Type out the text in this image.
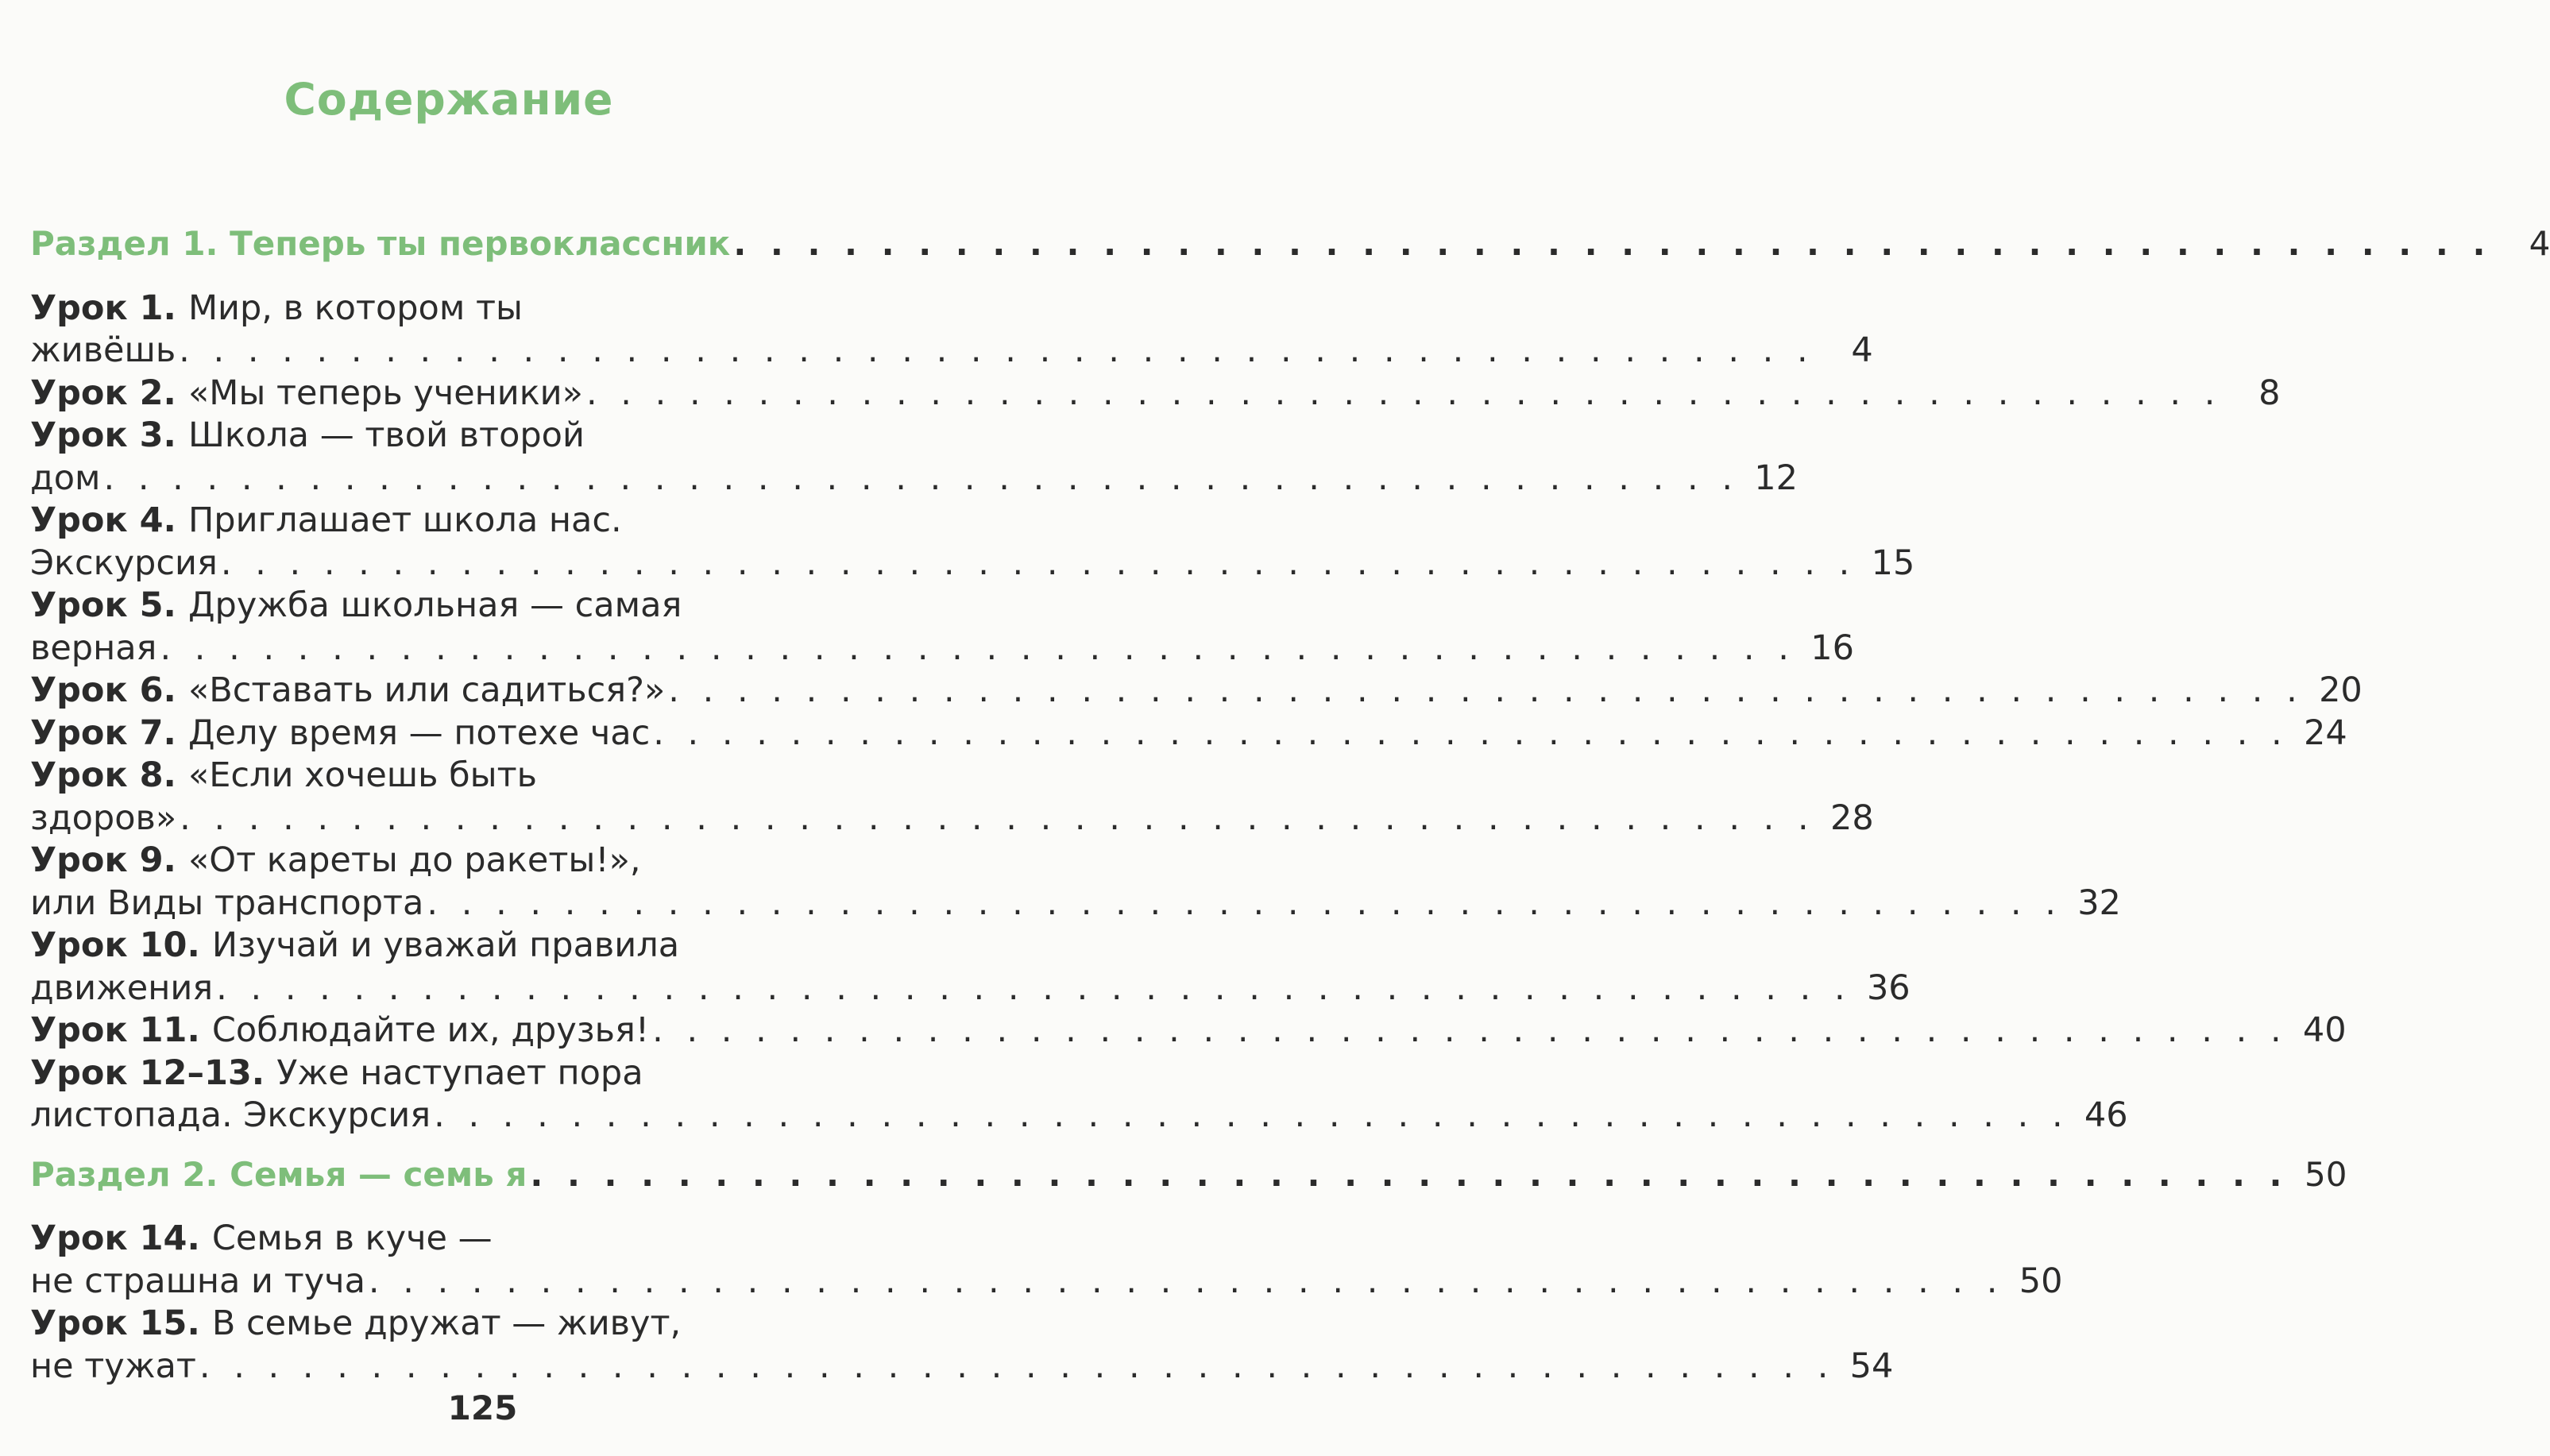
Содержание
Раздел 1. Теперь ты первоклассник . . . . . . . . . . . . . . . . . . . . . . . . . . . . . . . . . . . . . . . . . . . . . . . .	4
Урок 1. Мир, в котором ты
живёшь . . . . . . . . . . . . . . . . . . . . . . . . . . . . . . . . . . . . . . . . . . . . . . . .	4
Урок 2. «Мы теперь ученики» . . . . . . . . . . . . . . . . . . . . . . . . . . . . . . . . . . . . . . . . . . . . . . . .	8
Урок 3. Школа — твой второй
дом . . . . . . . . . . . . . . . . . . . . . . . . . . . . . . . . . . . . . . . . . . . . . . . . 12
Урок 4. Приглашает школа нас.
Экскурсия . . . . . . . . . . . . . . . . . . . . . . . . . . . . . . . . . . . . . . . . . . . . . . . . 15
Урок 5. Дружба школьная — самая
верная . . . . . . . . . . . . . . . . . . . . . . . . . . . . . . . . . . . . . . . . . . . . . . . . 16
Урок 6. «Вставать или садиться?» . . . . . . . . . . . . . . . . . . . . . . . . . . . . . . . . . . . . . . . . . . . . . . . . 20
Урок 7. Делу время — потехе час . . . . . . . . . . . . . . . . . . . . . . . . . . . . . . . . . . . . . . . . . . . . . . . . 24
Урок 8. «Если хочешь быть
здоров» . . . . . . . . . . . . . . . . . . . . . . . . . . . . . . . . . . . . . . . . . . . . . . . . 28
Урок 9. «От кареты до ракеты!»,
или Виды транспорта . . . . . . . . . . . . . . . . . . . . . . . . . . . . . . . . . . . . . . . . . . . . . . . . 32
Урок 10. Изучай и уважай правила
движения . . . . . . . . . . . . . . . . . . . . . . . . . . . . . . . . . . . . . . . . . . . . . . . . 36
Урок 11. Соблюдайте их, друзья! . . . . . . . . . . . . . . . . . . . . . . . . . . . . . . . . . . . . . . . . . . . . . . . . 40
Урок 12–13. Уже наступает пора
листопада. Экскурсия . . . . . . . . . . . . . . . . . . . . . . . . . . . . . . . . . . . . . . . . . . . . . . . . 46
Раздел 2. Семья — семь я . . . . . . . . . . . . . . . . . . . . . . . . . . . . . . . . . . . . . . . . . . . . . . . . 50
Урок 14. Семья в куче —
не страшна и туча . . . . . . . . . . . . . . . . . . . . . . . . . . . . . . . . . . . . . . . . . . . . . . . . 50
Урок 15. В семье дружат — живут,
не тужат . . . . . . . . . . . . . . . . . . . . . . . . . . . . . . . . . . . . . . . . . . . . . . . . 54
125
